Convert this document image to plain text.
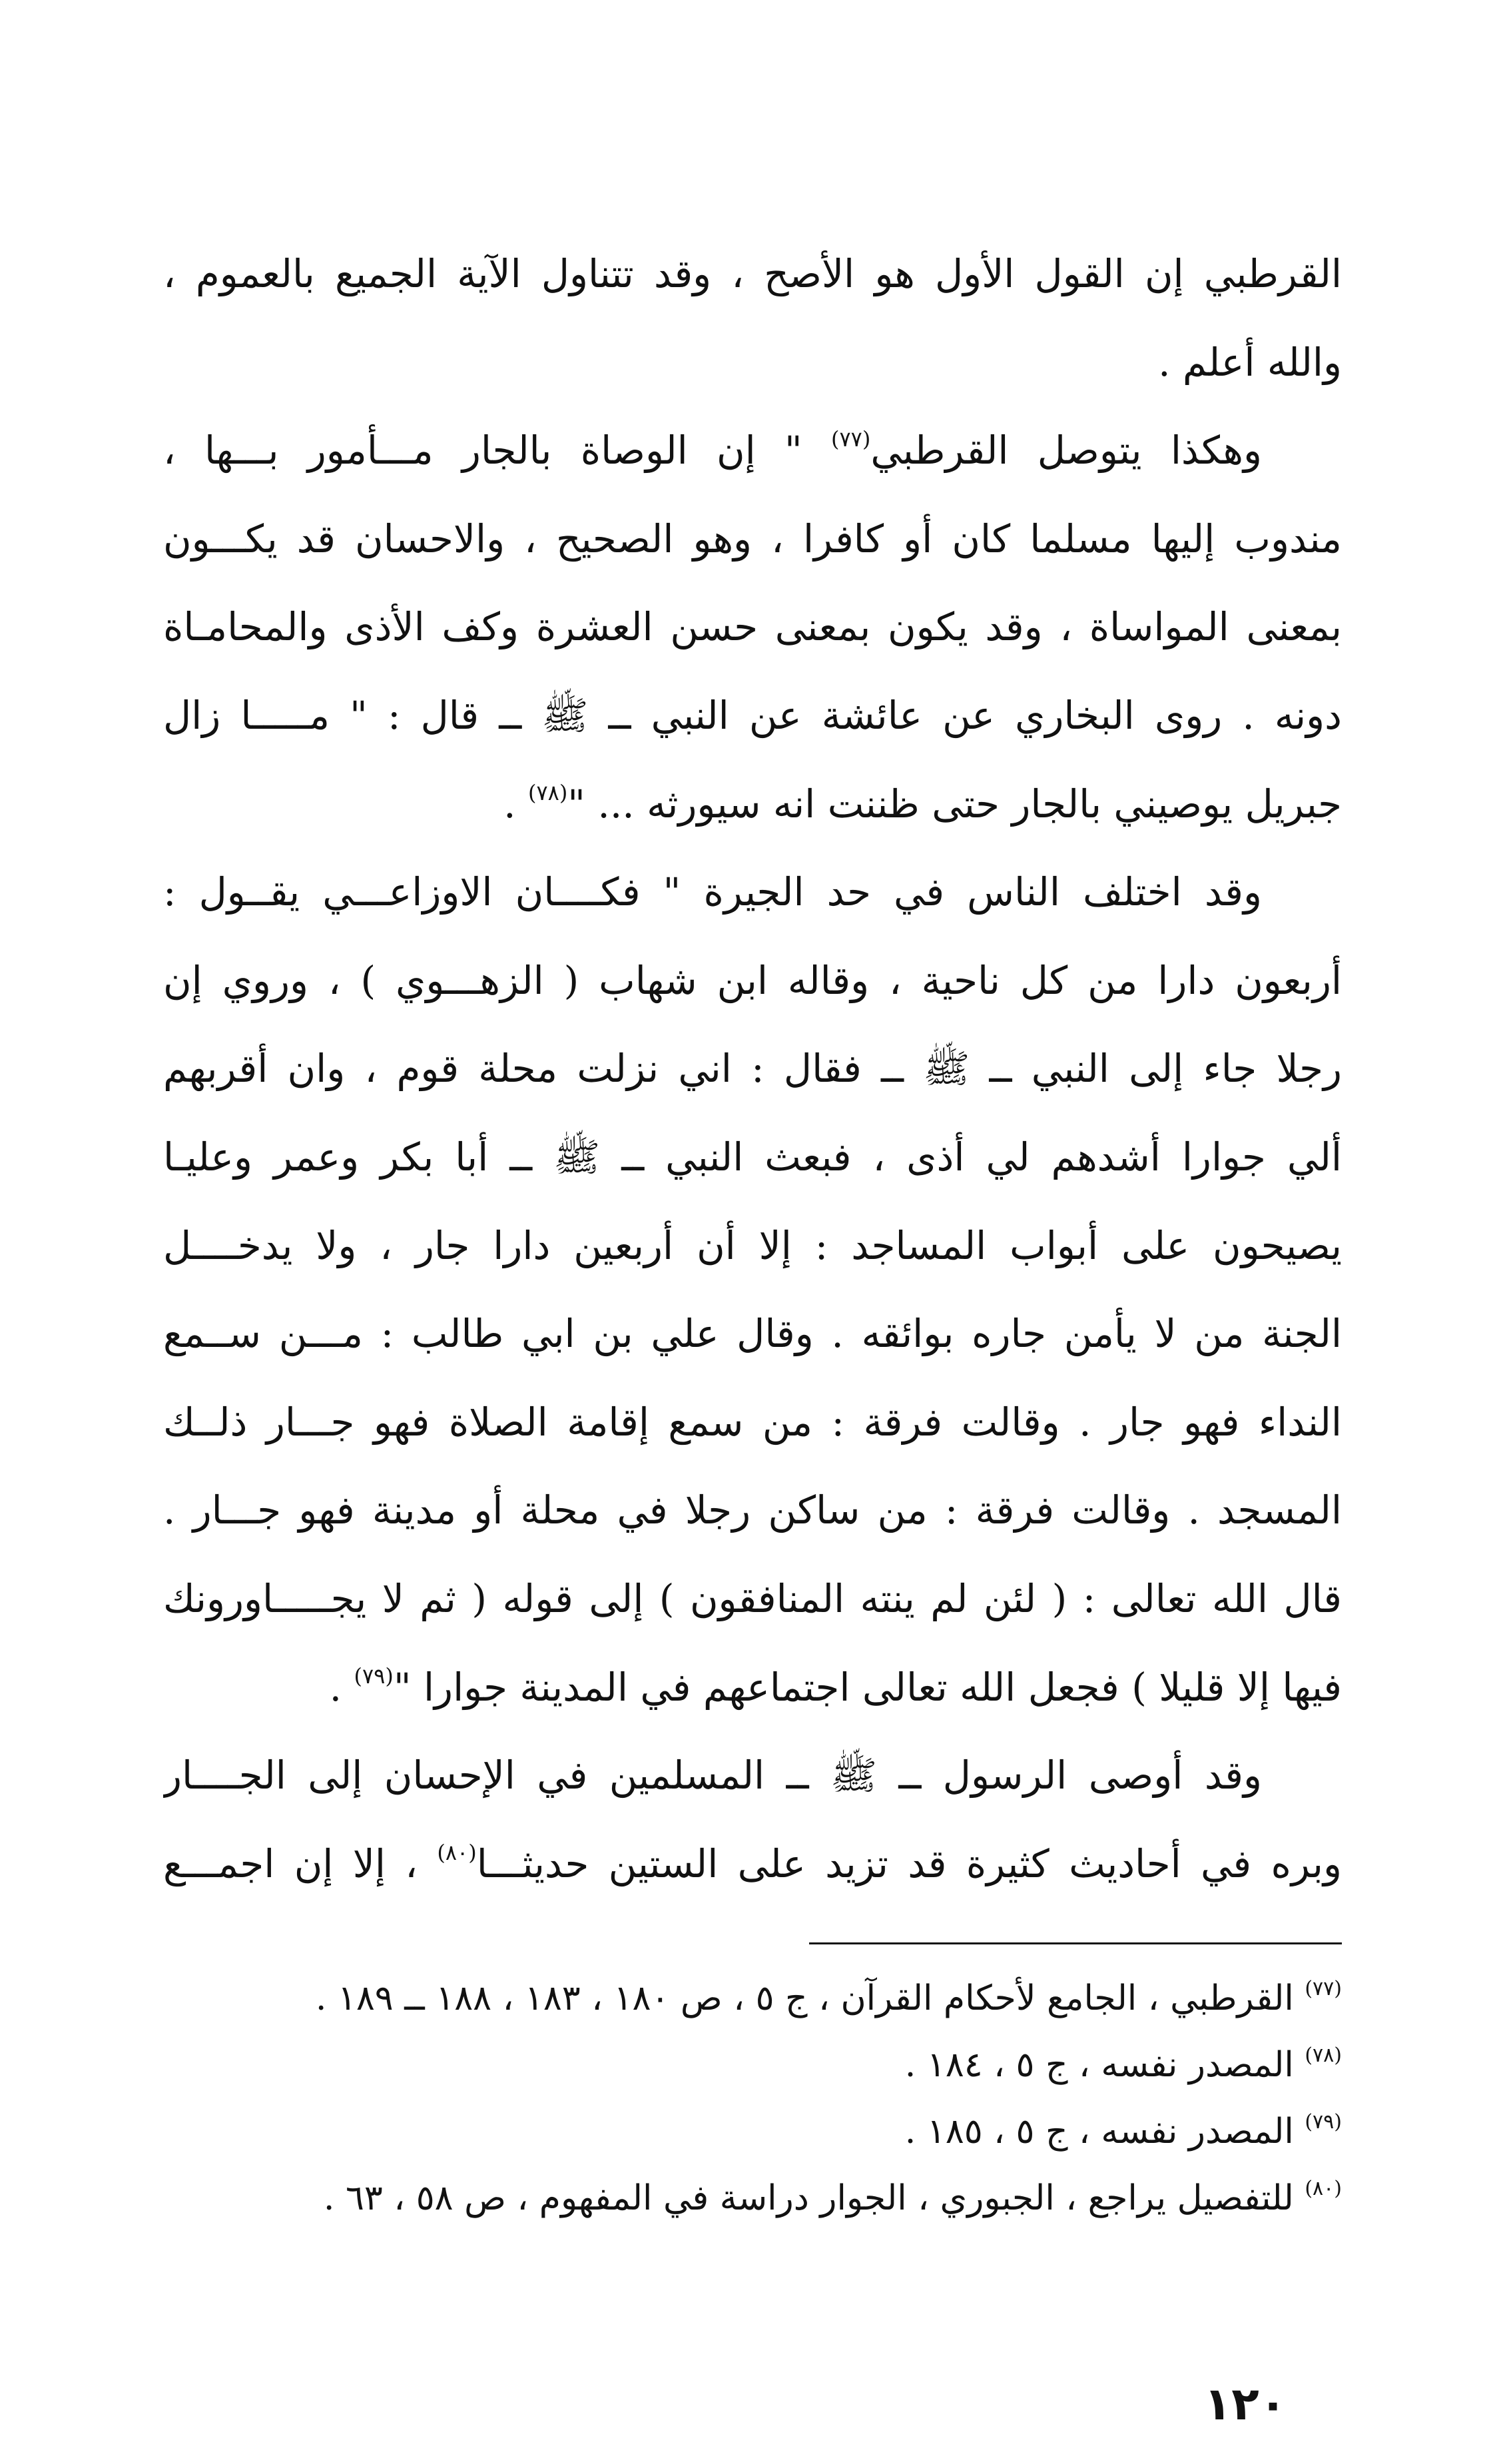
القرطبي إن القول الأول هو الأصح ، وقد تتناول الآية الجميع بالعموم ،
والله أعلم .
وهكذا يتوصل القرطبي$^{(٧٧)}$ " إن الوصاة بالجار مـــأمور بـــها ،
مندوب إليها مسلما كان أو كافرا ، وهو الصحيح ، والاحسان قد يكـــون
بمعنى المواساة ، وقد يكون بمعنى حسن العشرة وكف الأذى والمحامـاة
دونه . روى البخاري عن عائشة عن النبي ــ ﷺ ــ قال : " مـــــا زال
جبريل يوصيني بالجار حتى ظننت انه سيورثه ... "$^{(٧٨)}$ .
وقد اختلف الناس في حد الجيرة " فكــــان الاوزاعـــي يقــول :
أربعون دارا من كل ناحية ، وقاله ابن شهاب ( الزهـــوي ) ، وروي إن
رجلا جاء إلى النبي ــ ﷺ ــ فقال : اني نزلت محلة قوم ، وان أقربهم
ألي جوارا أشدهم لي أذى ، فبعث النبي ــ ﷺ ــ أبا بكر وعمر وعليـا
يصيحون على أبواب المساجد : إلا أن أربعين دارا جار ، ولا يدخــــل
الجنة من لا يأمن جاره بوائقه . وقال علي بن ابي طالب : مـــن ســمع
النداء فهو جار . وقالت فرقة : من سمع إقامة الصلاة فهو جـــار ذلــك
المسجد . وقالت فرقة : من ساكن رجلا في محلة أو مدينة فهو جـــار .
قال الله تعالى : ( لئن لم ينته المنافقون ) إلى قوله ( ثم لا يجـــــاورونك
فيها إلا قليلا ) فجعل الله تعالى اجتماعهم في المدينة جوارا "$^{(٧٩)}$ .
وقد أوصى الرسول ــ ﷺ ــ المسلمين في الإحسان إلى الجــــار
وبره في أحاديث كثيرة قد تزيد على الستين حديثـــا$^{(٨٠)}$ ، إلا إن اجمـــع
$^{(٧٧)}$ القرطبي ، الجامع لأحكام القرآن ، ج ٥ ، ص ١٨٠ ، ١٨٣ ، ١٨٨ ــ ١٨٩ .
$^{(٧٨)}$ المصدر نفسه ، ج ٥ ، ١٨٤ .
$^{(٧٩)}$ المصدر نفسه ، ج ٥ ، ١٨٥ .
$^{(٨٠)}$ للتفصيل يراجع ، الجبوري ، الجوار دراسة في المفهوم ، ص ٥٨ ، ٦٣ .
١٢٠
